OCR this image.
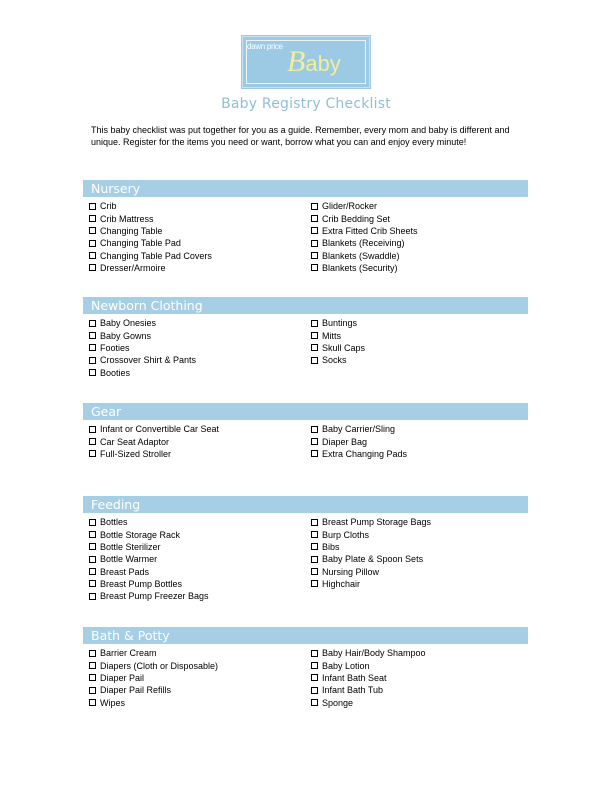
dawn price Baby
Baby Registry Checklist
This baby checklist was put together for you as a guide. Remember, every mom and baby is different and unique. Register for the items you need or want, borrow what you can and enjoy every minute!
Nursery
Crib
Crib Mattress
Changing Table
Changing Table Pad
Changing Table Pad Covers
Dresser/Armoire
Glider/Rocker
Crib Bedding Set
Extra Fitted Crib Sheets
Blankets (Receiving)
Blankets (Swaddle)
Blankets (Security)
Newborn Clothing
Baby Onesies
Baby Gowns
Footies
Crossover Shirt & Pants
Booties
Buntings
Mitts
Skull Caps
Socks
Gear
Infant or Convertible Car Seat
Car Seat Adaptor
Full-Sized Stroller
Baby Carrier/Sling
Diaper Bag
Extra Changing Pads
Feeding
Bottles
Bottle Storage Rack
Bottle Sterilizer
Bottle Warmer
Breast Pads
Breast Pump Bottles
Breast Pump Freezer Bags
Breast Pump Storage Bags
Burp Cloths
Bibs
Baby Plate & Spoon Sets
Nursing Pillow
Highchair
Bath & Potty
Barrier Cream
Diapers (Cloth or Disposable)
Diaper Pail
Diaper Pail Refills
Wipes
Baby Hair/Body Shampoo
Baby Lotion
Infant Bath Seat
Infant Bath Tub
Sponge
